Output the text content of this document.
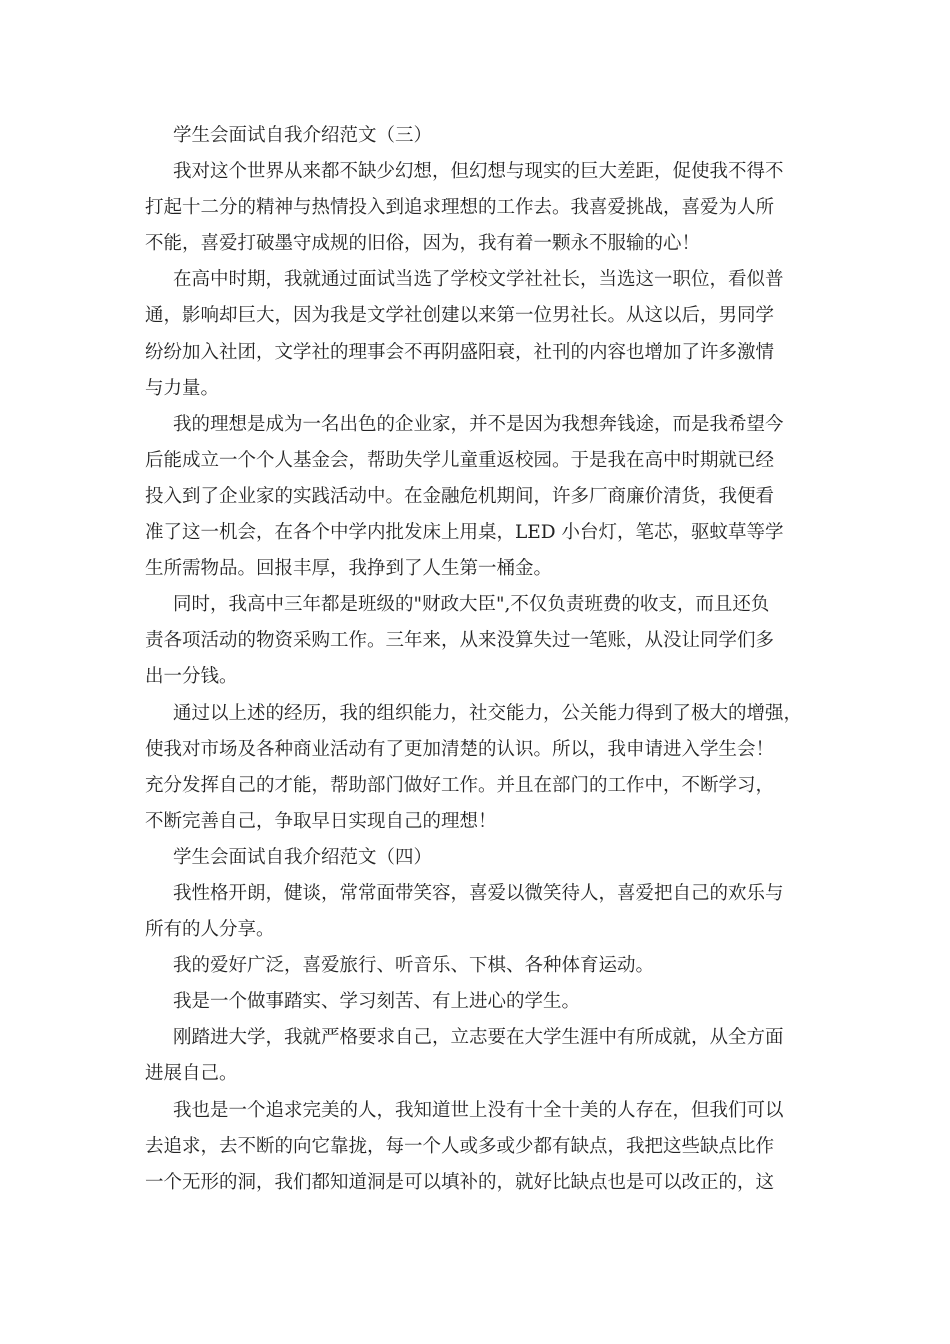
学生会面试自我介绍范文（三）
我对这个世界从来都不缺少幻想，但幻想与现实的巨大差距，促使我不得不
打起十二分的精神与热情投入到追求理想的工作去。我喜爱挑战，喜爱为人所
不能，喜爱打破墨守成规的旧俗，因为，我有着一颗永不服输的心！
在高中时期，我就通过面试当选了学校文学社社长，当选这一职位，看似普
通，影响却巨大，因为我是文学社创建以来第一位男社长。从这以后，男同学
纷纷加入社团，文学社的理事会不再阴盛阳衰，社刊的内容也增加了许多激情
与力量。
我的理想是成为一名出色的企业家，并不是因为我想奔钱途，而是我希望今
后能成立一个个人基金会，帮助失学儿童重返校园。于是我在高中时期就已经
投入到了企业家的实践活动中。在金融危机期间，许多厂商廉价清货，我便看
准了这一机会，在各个中学内批发床上用桌，LED 小台灯，笔芯，驱蚊草等学
生所需物品。回报丰厚，我挣到了人生第一桶金。
同时，我高中三年都是班级的"财政大臣",不仅负责班费的收支，而且还负
责各项活动的物资采购工作。三年来，从来没算失过一笔账，从没让同学们多
出一分钱。
通过以上述的经历，我的组织能力，社交能力，公关能力得到了极大的增强，
使我对市场及各种商业活动有了更加清楚的认识。所以，我申请进入学生会！
充分发挥自己的才能，帮助部门做好工作。并且在部门的工作中，不断学习，
不断完善自己，争取早日实现自己的理想！
学生会面试自我介绍范文（四）
我性格开朗，健谈，常常面带笑容，喜爱以微笑待人，喜爱把自己的欢乐与
所有的人分享。
我的爱好广泛，喜爱旅行、听音乐、下棋、各种体育运动。
我是一个做事踏实、学习刻苦、有上进心的学生。
刚踏进大学，我就严格要求自己，立志要在大学生涯中有所成就，从全方面
进展自己。
我也是一个追求完美的人，我知道世上没有十全十美的人存在，但我们可以
去追求，去不断的向它靠拢，每一个人或多或少都有缺点，我把这些缺点比作
一个无形的洞，我们都知道洞是可以填补的，就好比缺点也是可以改正的，这
